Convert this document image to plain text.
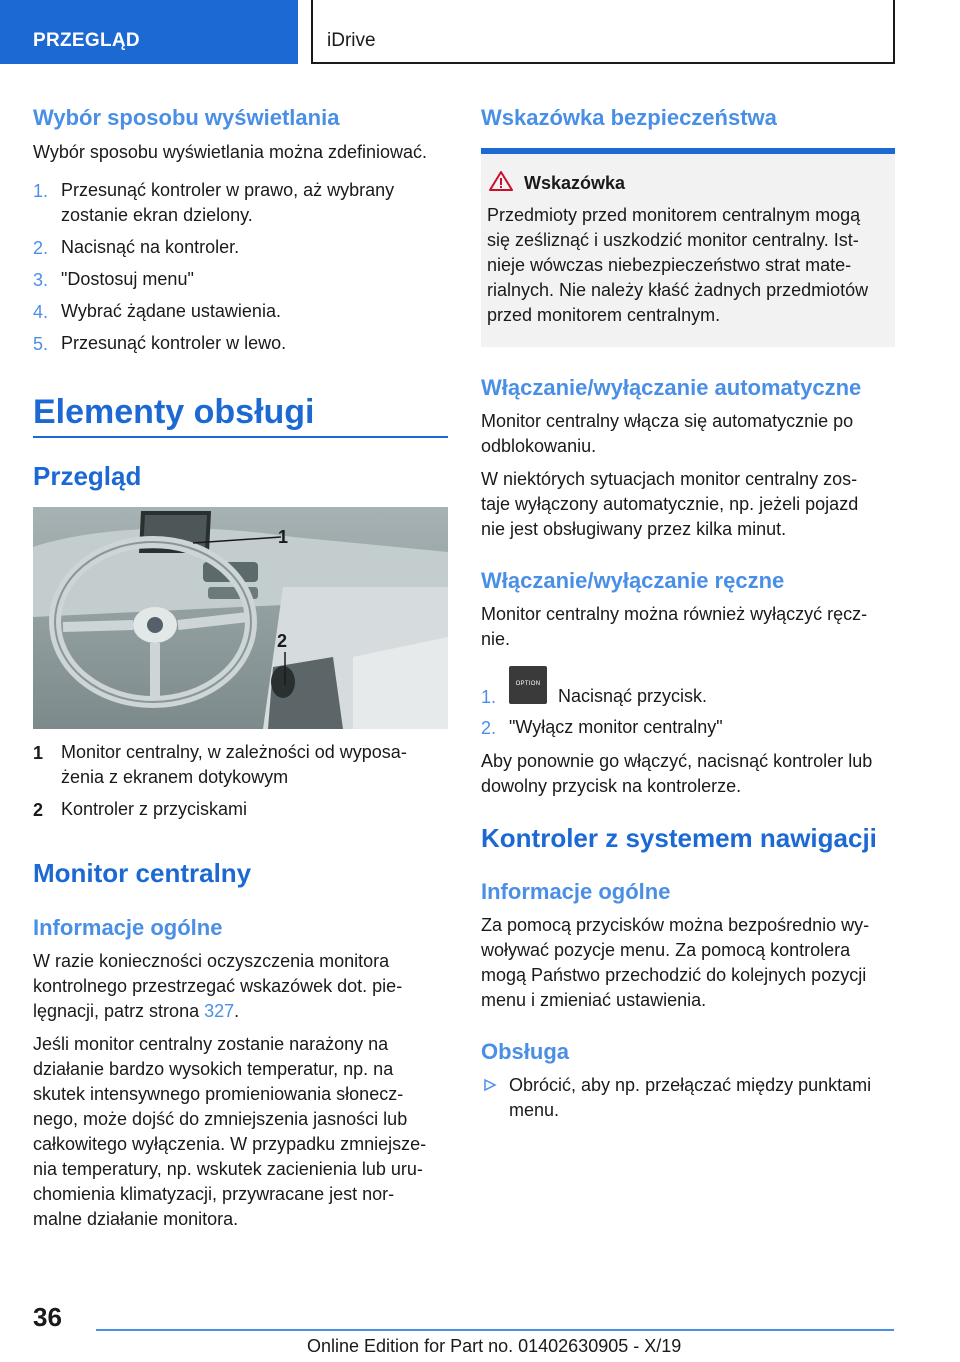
PRZEGLĄD	iDrive
Wybór sposobu wyświetlania
Wybór sposobu wyświetlania można zdefiniować.
1. Przesunąć kontroler w prawo, aż wybrany
zostanie ekran dzielony.
2. Nacisnąć na kontroler.
3. "Dostosuj menu"
4. Wybrać żądane ustawienia.
5. Przesunąć kontroler w lewo.
Elementy obsługi
Przegląd
1
2
1 Monitor centralny, w zależności od wyposa-
żenia z ekranem dotykowym
2 Kontroler z przyciskami
Monitor centralny
Informacje ogólne
W razie konieczności oczyszczenia monitora
kontrolnego przestrzegać wskazówek dot. pie-
lęgnacji, patrz strona 327.
Jeśli monitor centralny zostanie narażony na
działanie bardzo wysokich temperatur, np. na
skutek intensywnego promieniowania słonecz-
nego, może dojść do zmniejszenia jasności lub
całkowitego wyłączenia. W przypadku zmniejsze-
nia temperatury, np. wskutek zacienienia lub uru-
chomienia klimatyzacji, przywracane jest nor-
malne działanie monitora.
Wskazówka bezpieczeństwa
Wskazówka
Przedmioty przed monitorem centralnym mogą
się ześliznąć i uszkodzić monitor centralny. Ist-
nieje wówczas niebezpieczeństwo strat mate-
rialnych. Nie należy kłaść żadnych przedmiotów
przed monitorem centralnym.
Włączanie/wyłączanie automatyczne
Monitor centralny włącza się automatycznie po
odblokowaniu.
W niektórych sytuacjach monitor centralny zos-
taje wyłączony automatycznie, np. jeżeli pojazd
nie jest obsługiwany przez kilka minut.
Włączanie/wyłączanie ręczne
Monitor centralny można również wyłączyć ręcz-
nie.
1.
OPTION
Nacisnąć przycisk.
2. "Wyłącz monitor centralny"
Aby ponownie go włączyć, nacisnąć kontroler lub
dowolny przycisk na kontrolerze.
Kontroler z systemem nawigacji
Informacje ogólne
Za pomocą przycisków można bezpośrednio wy-
woływać pozycje menu. Za pomocą kontrolera
mogą Państwo przechodzić do kolejnych pozycji
menu i zmieniać ustawienia.
Obsługa
Obrócić, aby np. przełączać między punktami
menu.
36
Online Edition for Part no. 01402630905 - X/19
